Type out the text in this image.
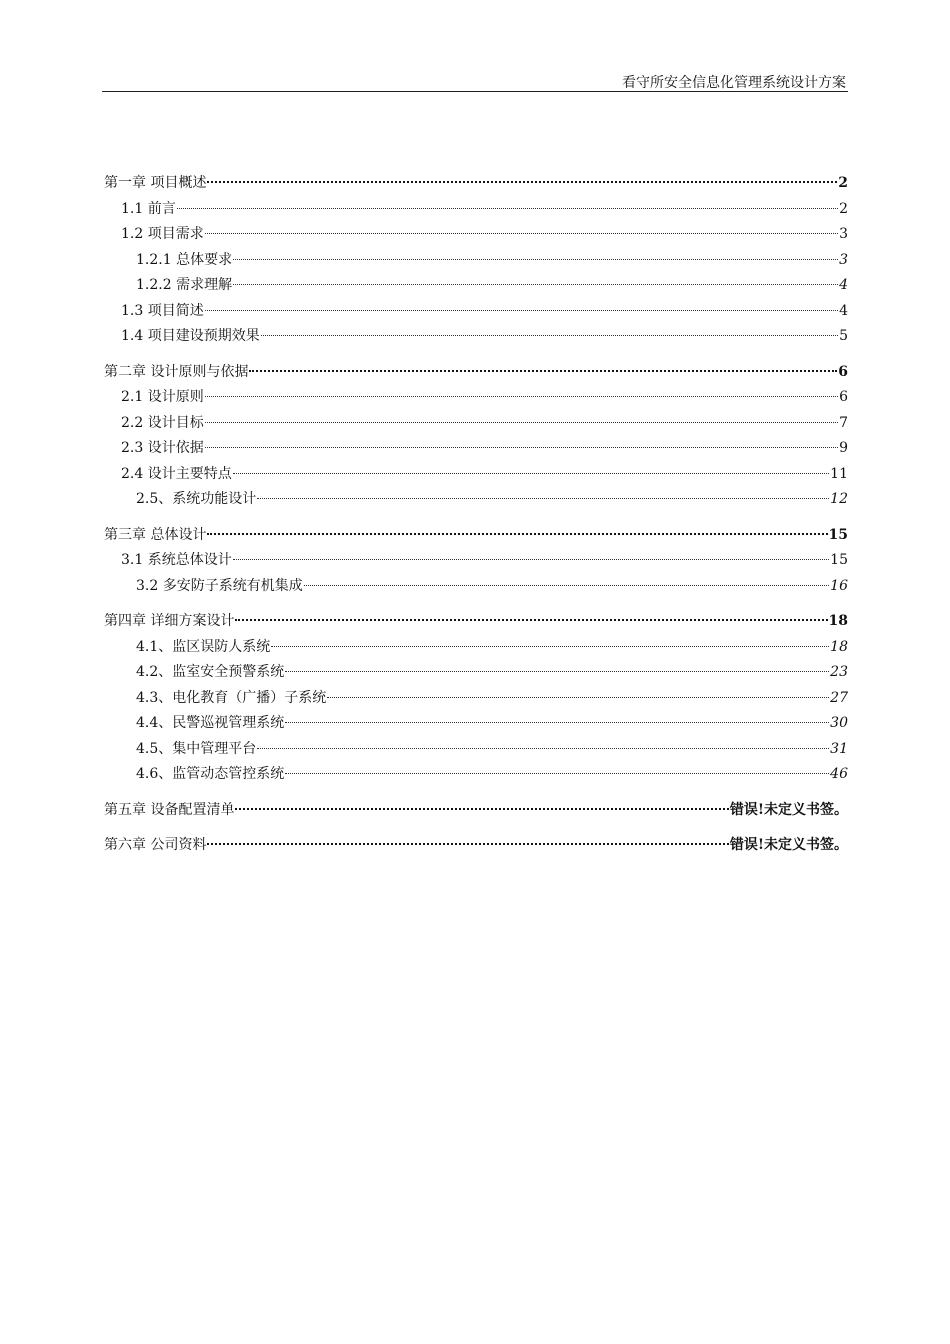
看守所安全信息化管理系统设计方案
第一章 项目概述	2
1.1 前言	2
1.2 项目需求	3
1.2.1 总体要求	3
1.2.2 需求理解	4
1.3 项目简述	4
1.4 项目建设预期效果	5
第二章 设计原则与依据	6
2.1 设计原则	6
2.2 设计目标	7
2.3 设计依据	9
2.4 设计主要特点	11
2.5、系统功能设计	12
第三章 总体设计	15
3.1 系统总体设计	15
3.2 多安防子系统有机集成	16
第四章 详细方案设计	18
4.1、监区误防人系统	18
4.2、监室安全预警系统	23
4.3、电化教育（广播）子系统	27
4.4、民警巡视管理系统	30
4.5、集中管理平台	31
4.6、监管动态管控系统	46
第五章 设备配置清单	错误!未定义书签。
第六章 公司资料	错误!未定义书签。
